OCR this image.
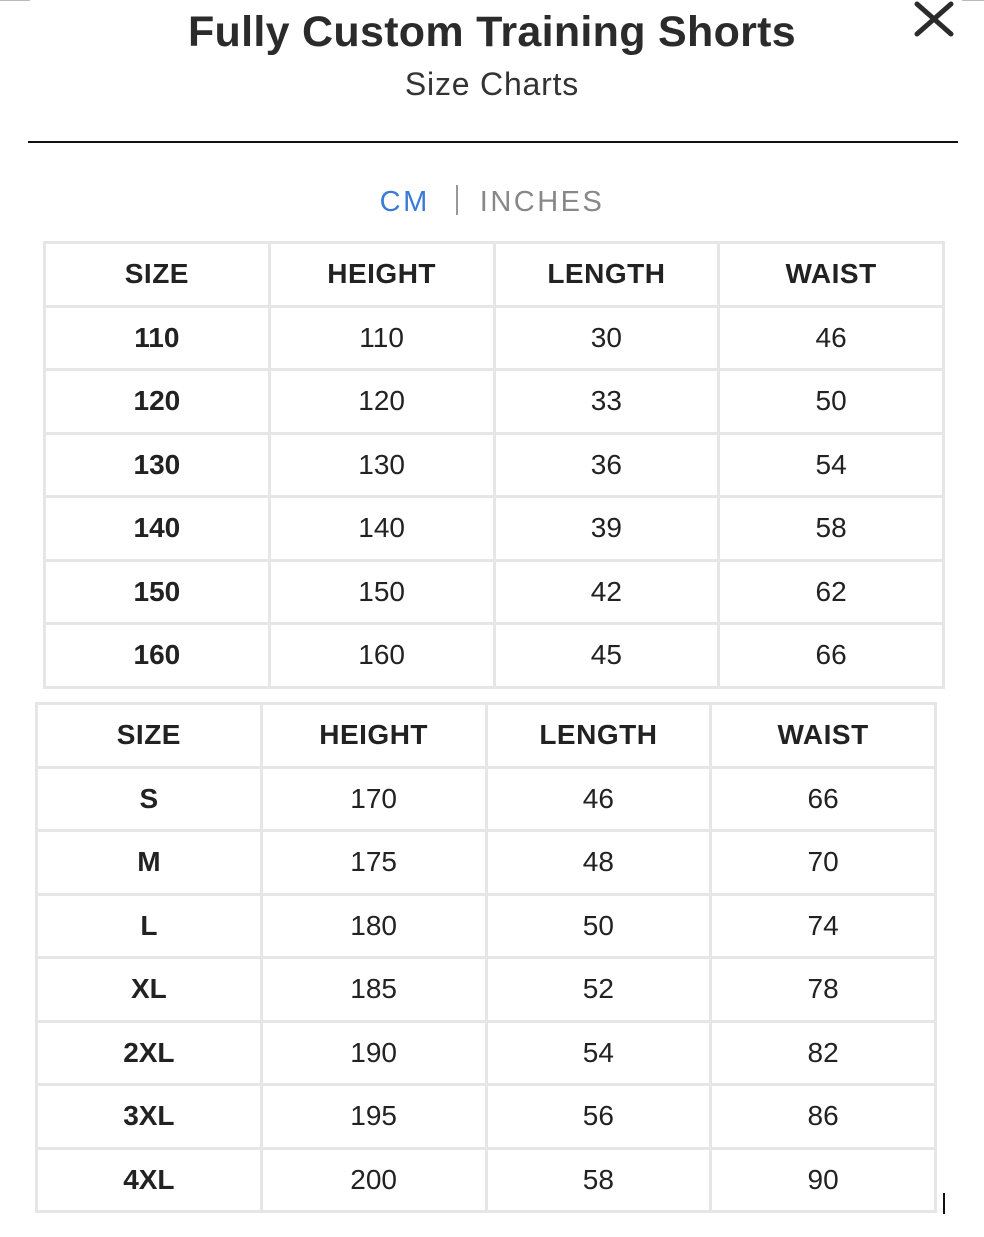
Fully Custom Training Shorts
Size Charts
CM INCHES
SIZE	HEIGHT	LENGTH	WAIST
110	110	30	46
120	120	33	50
130	130	36	54
140	140	39	58
150	150	42	62
160	160	45	66
SIZE	HEIGHT	LENGTH	WAIST
S	170	46	66
M	175	48	70
L	180	50	74
XL	185	52	78
2XL	190	54	82
3XL	195	56	86
4XL	200	58	90
